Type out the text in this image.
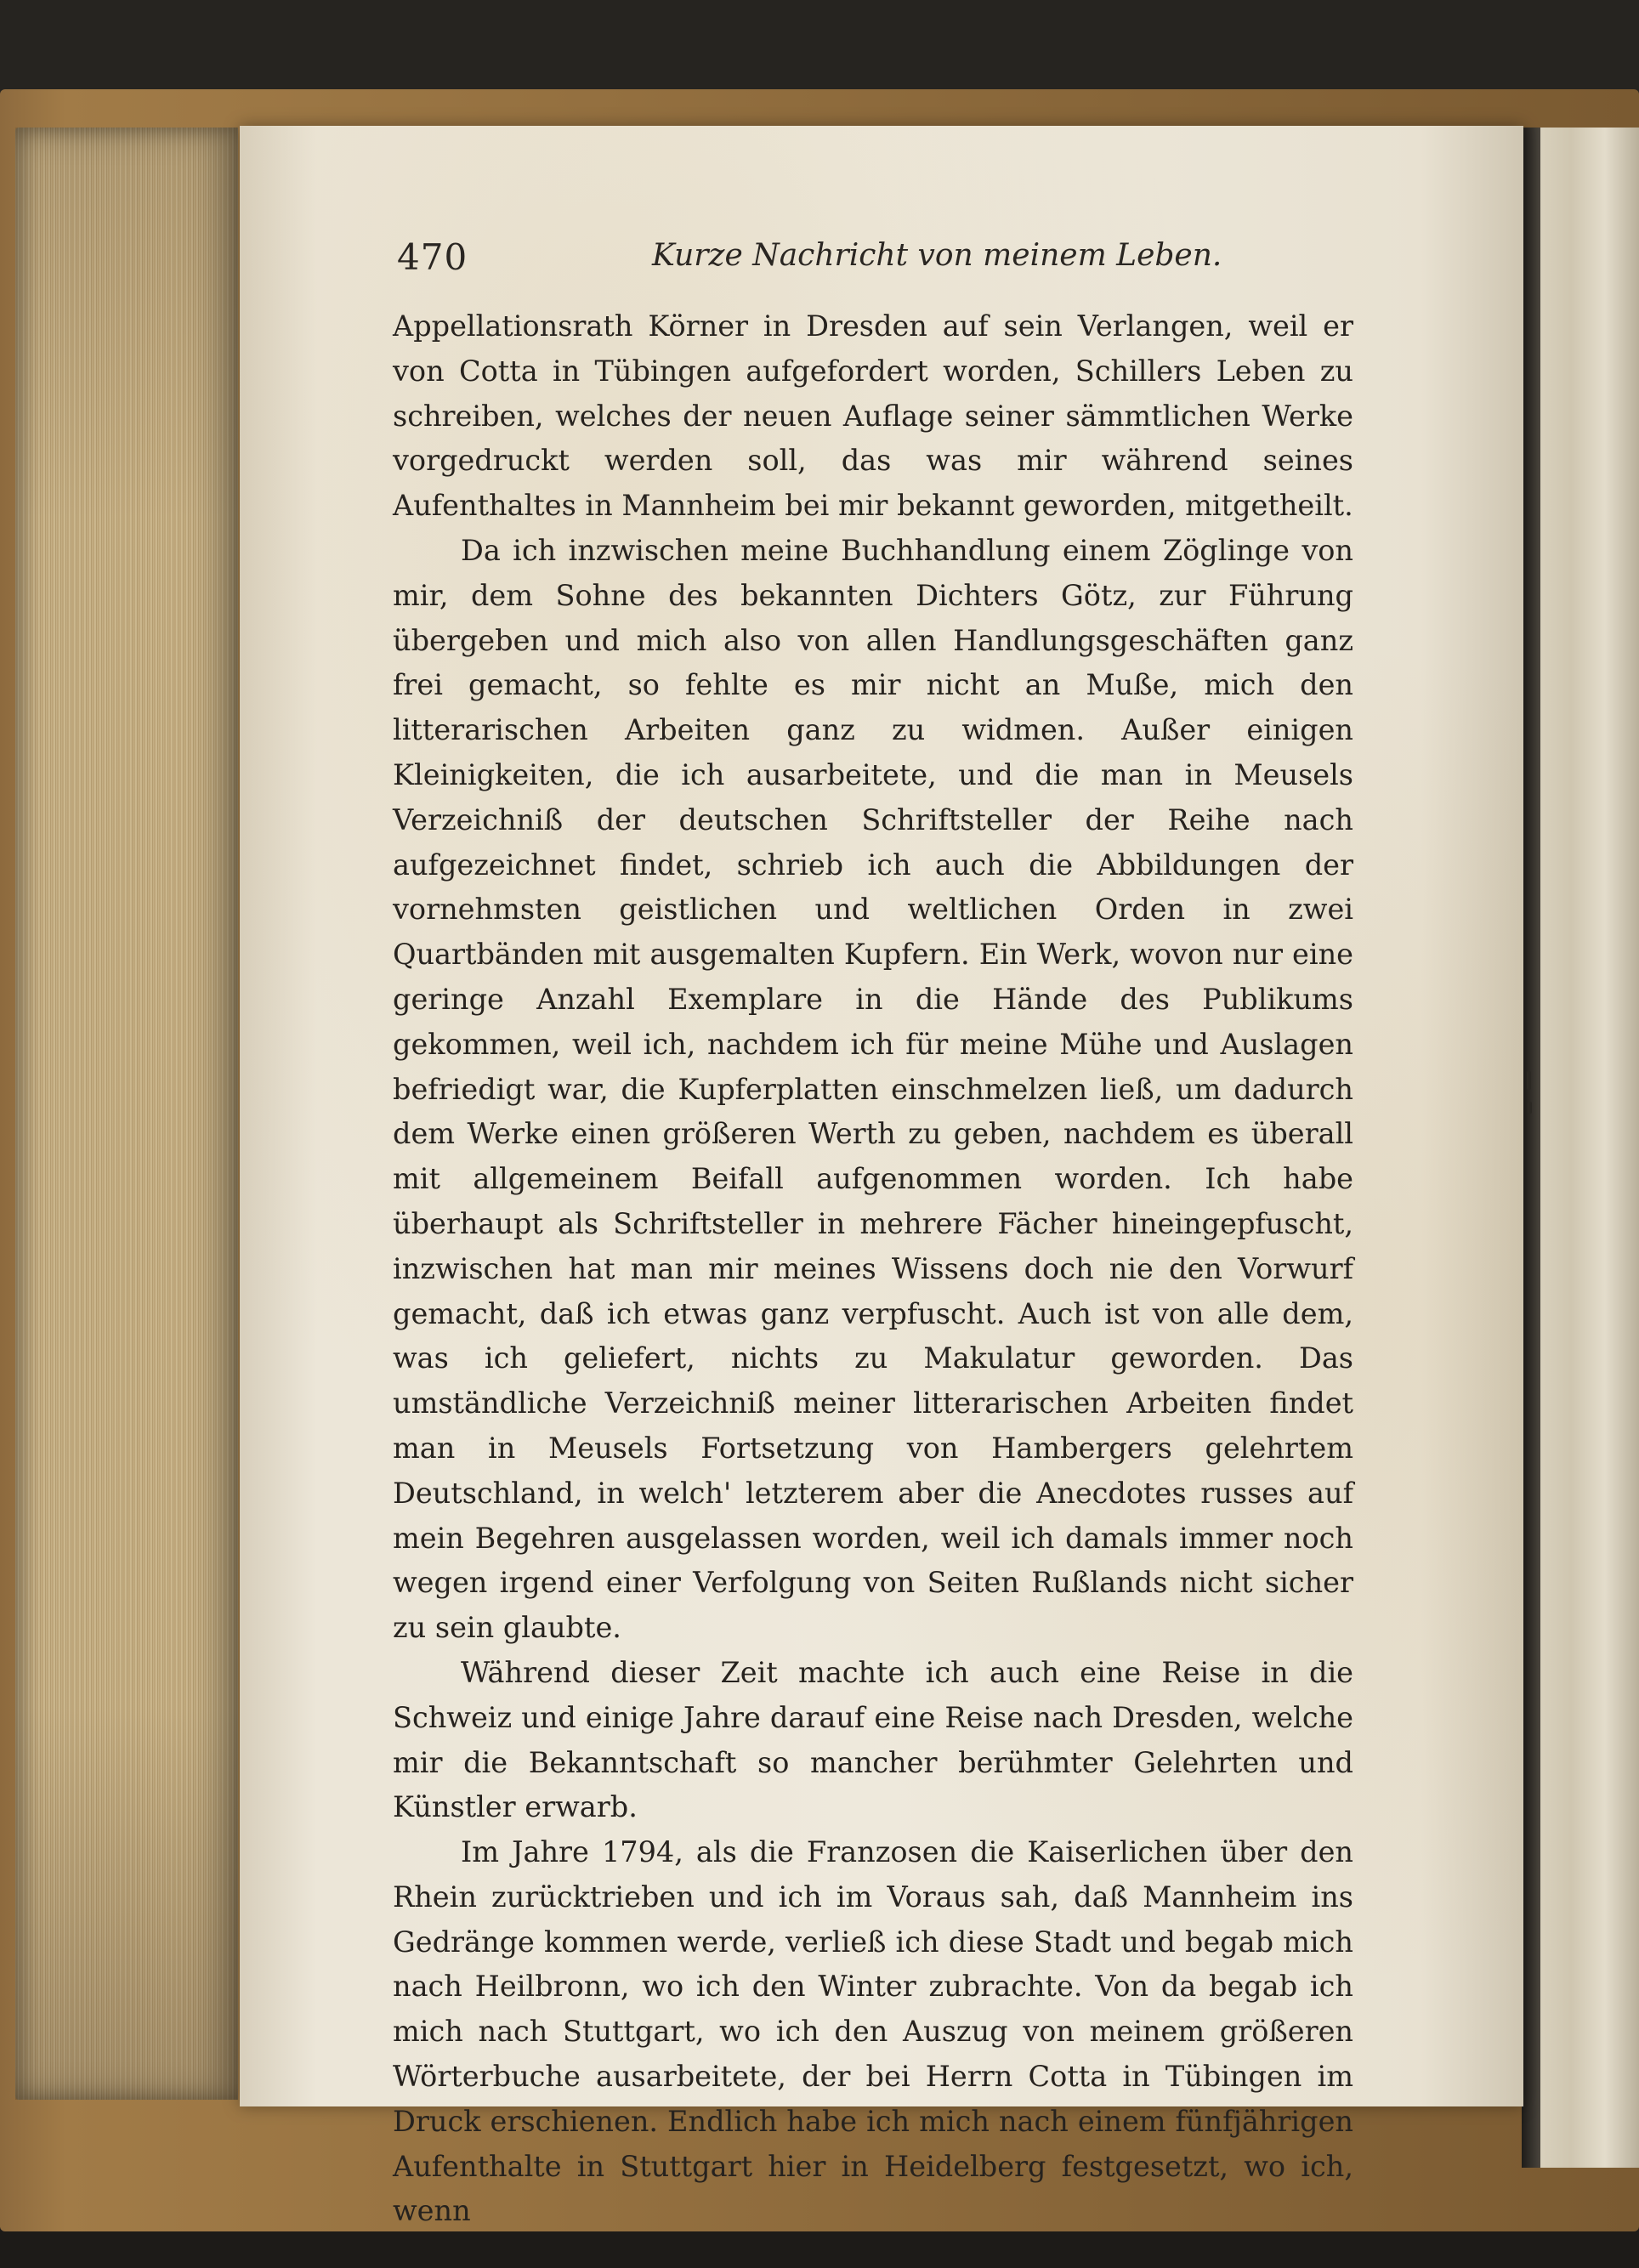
470	Kurze Nachricht von meinem Leben.

Appellationsrath Körner in Dresden auf sein Verlangen, weil er von Cotta in Tübingen aufgefordert worden, Schillers Leben zu schreiben, welches der neuen Auflage seiner sämmtlichen Werke vorgedruckt werden soll, das was mir während seines Aufenthaltes in Mannheim bei mir bekannt geworden, mitgetheilt.

Da ich inzwischen meine Buchhandlung einem Zöglinge von mir, dem Sohne des bekannten Dichters Götz, zur Führung übergeben und mich also von allen Handlungsgeschäften ganz frei gemacht, so fehlte es mir nicht an Muße, mich den litterarischen Arbeiten ganz zu widmen. Außer einigen Kleinigkeiten, die ich ausarbeitete, und die man in Meusels Verzeichniß der deutschen Schriftsteller der Reihe nach aufgezeichnet findet, schrieb ich auch die Abbildungen der vornehmsten geistlichen und weltlichen Orden in zwei Quartbänden mit ausgemalten Kupfern. Ein Werk, wovon nur eine geringe Anzahl Exemplare in die Hände des Publikums gekommen, weil ich, nachdem ich für meine Mühe und Auslagen befriedigt war, die Kupferplatten einschmelzen ließ, um dadurch dem Werke einen größeren Werth zu geben, nachdem es überall mit allgemeinem Beifall aufgenommen worden. Ich habe überhaupt als Schriftsteller in mehrere Fächer hineingepfuscht, inzwischen hat man mir meines Wissens doch nie den Vorwurf gemacht, daß ich etwas ganz verpfuscht. Auch ist von alle dem, was ich geliefert, nichts zu Makulatur geworden. Das umständliche Verzeichniß meiner litterarischen Arbeiten findet man in Meusels Fortsetzung von Hambergers gelehrtem Deutschland, in welch' letzterem aber die Anecdotes russes auf mein Begehren ausgelassen worden, weil ich damals immer noch wegen irgend einer Verfolgung von Seiten Rußlands nicht sicher zu sein glaubte.

Während dieser Zeit machte ich auch eine Reise in die Schweiz und einige Jahre darauf eine Reise nach Dresden, welche mir die Bekanntschaft so mancher berühmter Gelehrten und Künstler erwarb.

Im Jahre 1794, als die Franzosen die Kaiserlichen über den Rhein zurücktrieben und ich im Voraus sah, daß Mannheim ins Gedränge kommen werde, verließ ich diese Stadt und begab mich nach Heilbronn, wo ich den Winter zubrachte. Von da begab ich mich nach Stuttgart, wo ich den Auszug von meinem größeren Wörterbuche ausarbeitete, der bei Herrn Cotta in Tübingen im Druck erschienen. Endlich habe ich mich nach einem fünfjährigen Aufenthalte in Stuttgart hier in Heidelberg festgesetzt, wo ich, wenn
